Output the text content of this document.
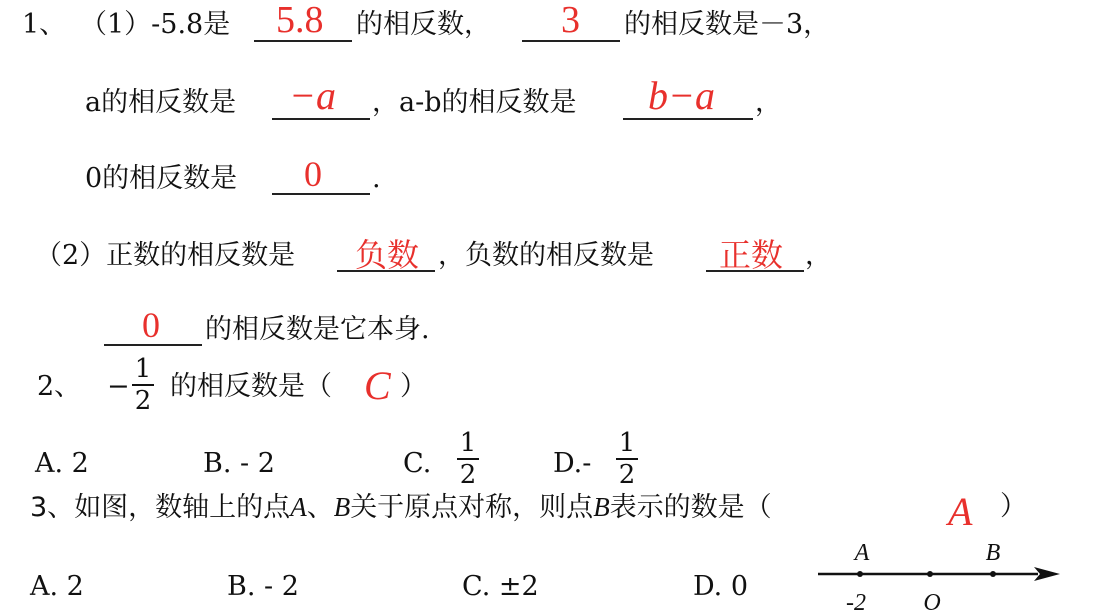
1、 （1）-5.8是 5.8 的相反数， 3 的相反数是－3，
a的相反数是 −a ，a-b的相反数是 b−a ，
0的相反数是 0 .
（2）正数的相反数是 负数 ，负数的相反数是 正数 ，
0 的相反数是它本身.
2、 −
1
2 的相反数是（ C ）
A. 2	B. - 2	C.
1
2	D.-
1
2
3、如图，数轴上的点A、B关于原点对称，则点B表示的数是（	A ）
A. 2	B. - 2	C. ±2	D. 0
A	B
-2 O
